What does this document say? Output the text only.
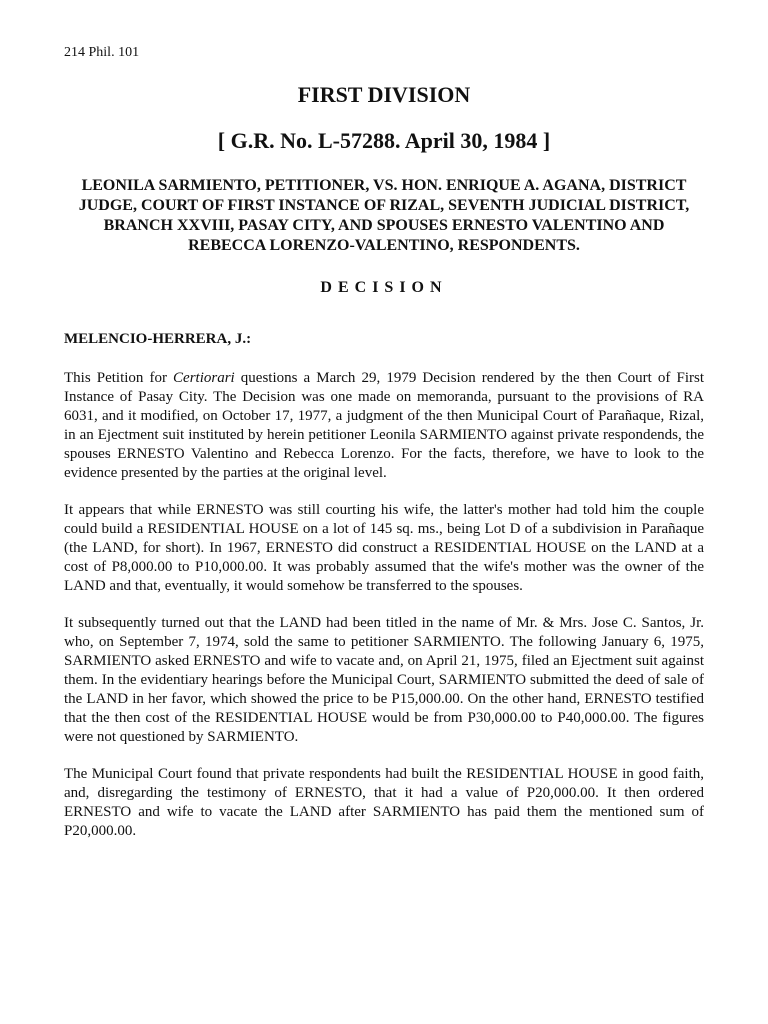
214 Phil. 101
FIRST DIVISION
[ G.R. No. L-57288. April 30, 1984 ]
LEONILA SARMIENTO, PETITIONER, VS. HON. ENRIQUE A. AGANA, DISTRICT JUDGE, COURT OF FIRST INSTANCE OF RIZAL, SEVENTH JUDICIAL DISTRICT, BRANCH XXVIII, PASAY CITY, AND SPOUSES ERNESTO VALENTINO AND REBECCA LORENZO-VALENTINO, RESPONDENTS.
DECISION
MELENCIO-HERRERA, J.:

This Petition for Certiorari questions a March 29, 1979 Decision rendered by the then Court of First Instance of Pasay City. The Decision was one made on memoranda, pursuant to the provisions of RA 6031, and it modified, on October 17, 1977, a judgment of the then Municipal Court of Parañaque, Rizal, in an Ejectment suit instituted by herein petitioner Leonila SARMIENTO against private respondends, the spouses ERNESTO Valentino and Rebecca Lorenzo. For the facts, therefore, we have to look to the evidence presented by the parties at the original level.

It appears that while ERNESTO was still courting his wife, the latter's mother had told him the couple could build a RESIDENTIAL HOUSE on a lot of 145 sq. ms., being Lot D of a subdivision in Parañaque (the LAND, for short). In 1967, ERNESTO did construct a RESIDENTIAL HOUSE on the LAND at a cost of P8,000.00 to P10,000.00. It was probably assumed that the wife's mother was the owner of the LAND and that, eventually, it would somehow be transferred to the spouses.

It subsequently turned out that the LAND had been titled in the name of Mr. & Mrs. Jose C. Santos, Jr. who, on September 7, 1974, sold the same to petitioner SARMIENTO. The following January 6, 1975, SARMIENTO asked ERNESTO and wife to vacate and, on April 21, 1975, filed an Ejectment suit against them. In the evidentiary hearings before the Municipal Court, SARMIENTO submitted the deed of sale of the LAND in her favor, which showed the price to be P15,000.00. On the other hand, ERNESTO testified that the then cost of the RESIDENTIAL HOUSE would be from P30,000.00 to P40,000.00. The figures were not questioned by SARMIENTO.

The Municipal Court found that private respondents had built the RESIDENTIAL HOUSE in good faith, and, disregarding the testimony of ERNESTO, that it had a value of P20,000.00. It then ordered ERNESTO and wife to vacate the LAND after SARMIENTO has paid them the mentioned sum of P20,000.00.
